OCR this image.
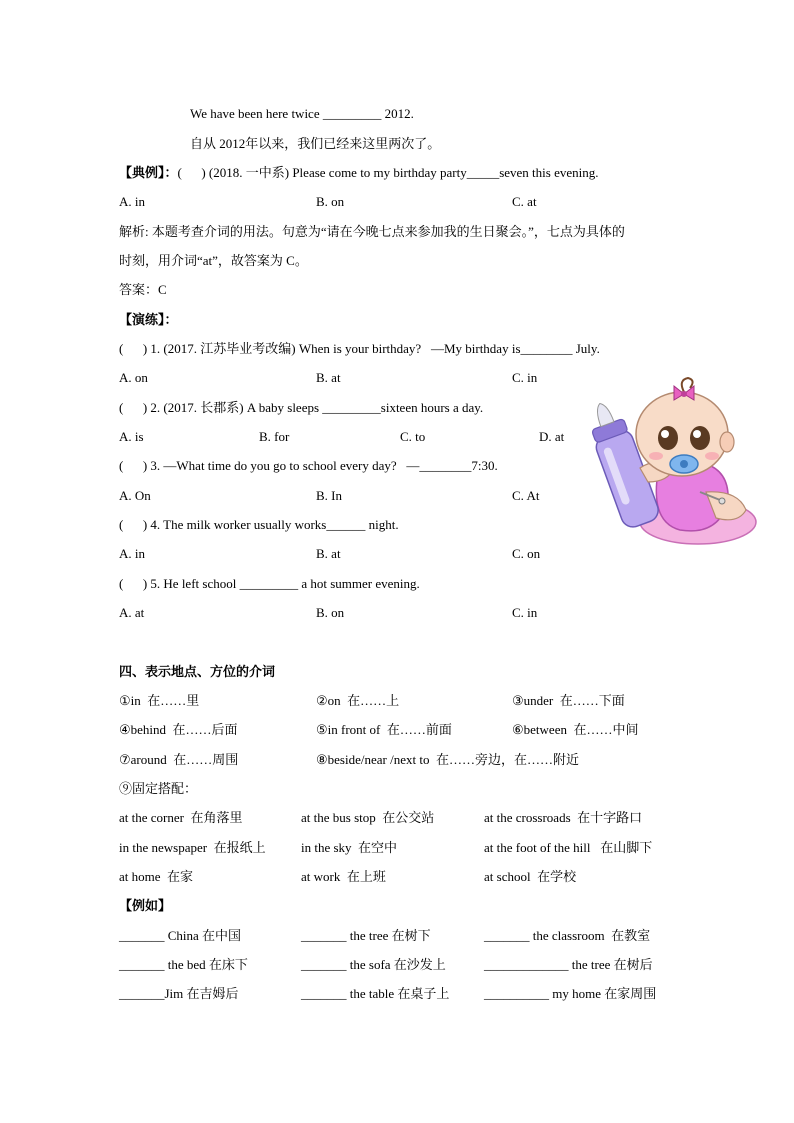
We have been here twice _________ 2012.
自从 2012年以来，我们已经来这里两次了。
【典例】：(      ) (2018. 一中系) Please come to my birthday party_____seven this evening.
A. in	B. on	C. at
解析: 本题考查介词的用法。句意为“请在今晚七点来参加我的生日聚会。”，七点为具体的
时刻，用介词“at”，故答案为 C。
答案：C
【演练】：
(      ) 1. (2017. 江苏毕业考改编) When is your birthday?   —My birthday is________ July.
A. on	B. at	C. in
(      ) 2. (2017. 长郡系) A baby sleeps _________sixteen hours a day.
A. is	B. for	C. to	D. at
(      ) 3. —What time do you go to school every day?   —________7:30.
A. On	B. In	C. At
(      ) 4. The milk worker usually works______ night.
A. in	B. at	C. on
(      ) 5. He left school _________ a hot summer evening.
A. at	B. on	C. in
四、表示地点、方位的介词
①in  在……里	②on  在……上	③under  在……下面
④behind  在……后面	⑤in front of  在……前面	⑥between  在……中间
⑦around  在……周围	⑧beside/near /next to  在……旁边，在……附近
⑨固定搭配：
at the corner  在角落里	at the bus stop  在公交站	at the crossroads  在十字路口
in the newspaper  在报纸上	in the sky  在空中	at the foot of the hill   在山脚下
at home  在家	at work  在上班	at school  在学校
【例如】
_______ China 在中国	_______ the tree 在树下	_______ the classroom  在教室
_______ the bed 在床下	_______ the sofa 在沙发上	_____________ the tree 在树后
_______Jim 在吉姆后	_______ the table 在桌子上	__________ my home 在家周围
